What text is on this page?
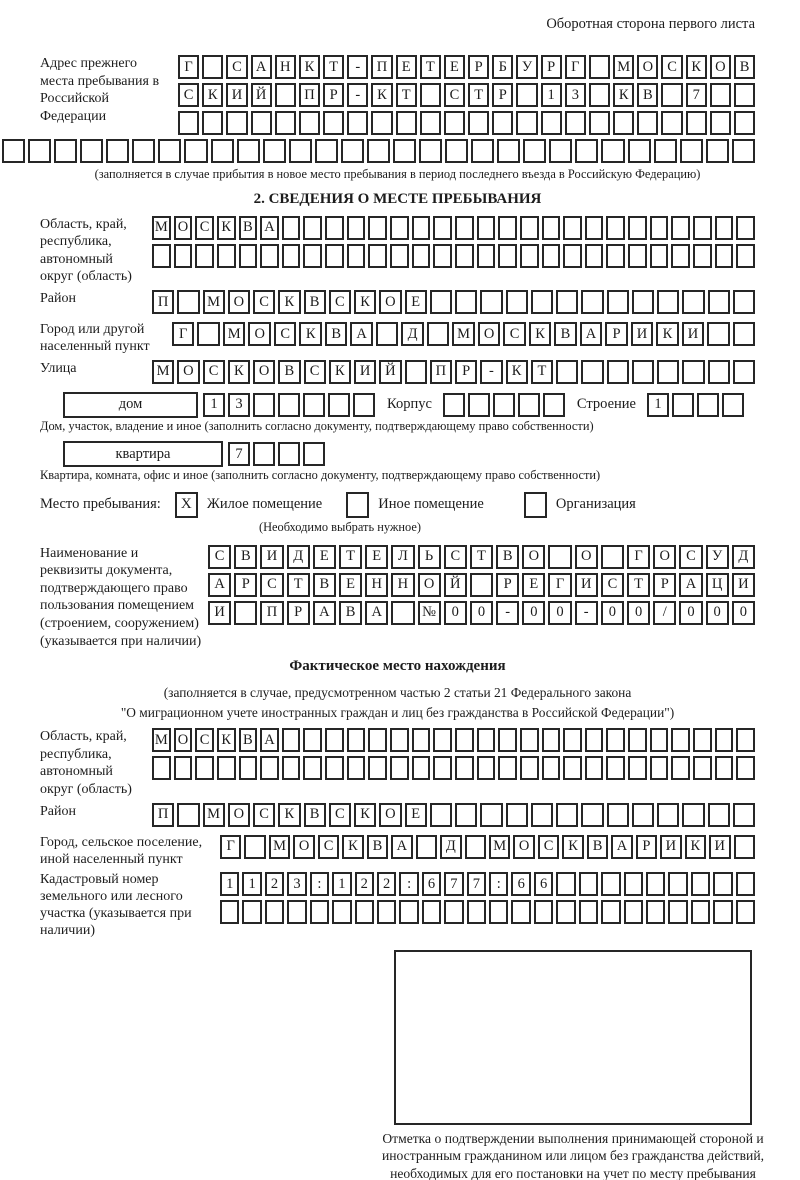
Оборотная сторона первого листа
Адрес прежнего места пребывания в Российской Федерации
Г	С А Н К	Т	-	П	Е	Т	Е	Р	Б	У	Р	Г	М О С	К О В
С	К И Й	П	Р	-	К	Т	С	Т	Р	1	3	К	В	7
(заполняется в случае прибытия в новое место пребывания в период последнего въезда в Российскую Федерацию)
2. СВЕДЕНИЯ О МЕСТЕ ПРЕБЫВАНИЯ
Область, край, республика, автономный округ (область)
М О С К В А
Район	П	М О	С	К	В	С	К	О	Е
Город или другой населенный пункт
Г	М О	С	К	В	А	Д	М О	С	К	В	А	Р	И	К	И
Улица	М О	С	К	О	В	С	К	И	Й	П	Р	-	К	Т
дом	1	3	Корпус	Строение	1
Дом, участок, владение и иное (заполнить согласно документу, подтверждающему право собственности)
квартира	7
Квартира, комната, офис и иное (заполнить согласно документу, подтверждающему право собственности)
Место пребывания:	X	Жилое помещение	Иное помещение	Организация
(Необходимо выбрать нужное)
Наименование и реквизиты документа, подтверждающего право пользования помещением (строением, сооружением) (указывается при наличии)
С	В	И	Д	Е	Т	Е	Л	Ь	С	Т	В	О	О	Г	О	С	У	Д
А	Р	С	Т	В	Е	Н	Н	О	Й	Р	Е	Г	И	С	Т	Р	А	Ц	И
И	П	Р	А	В	А	№	0	0	-	0	0	-	0	0	/	0	0	0
Фактическое место нахождения
(заполняется в случае, предусмотренном частью 2 статьи 21 Федерального закона
"О миграционном учете иностранных граждан и лиц без гражданства в Российской Федерации")
Область, край, республика, автономный округ (область)
М О С К В А
Район	П	М О	С	К	В	С	К	О	Е
Город, сельское поселение, иной населенный пункт
Г	М О С	К	В А	Д	М О С	К	В А	Р	И К И
Кадастровый номер земельного или лесного участка (указывается при наличии)
1	1	2	3	:	1	2	2	:	6	7	7	:	6	6
Отметка о подтверждении выполнения принимающей стороной и иностранным гражданином или лицом без гражданства действий, необходимых для его постановки на учет по месту пребывания
